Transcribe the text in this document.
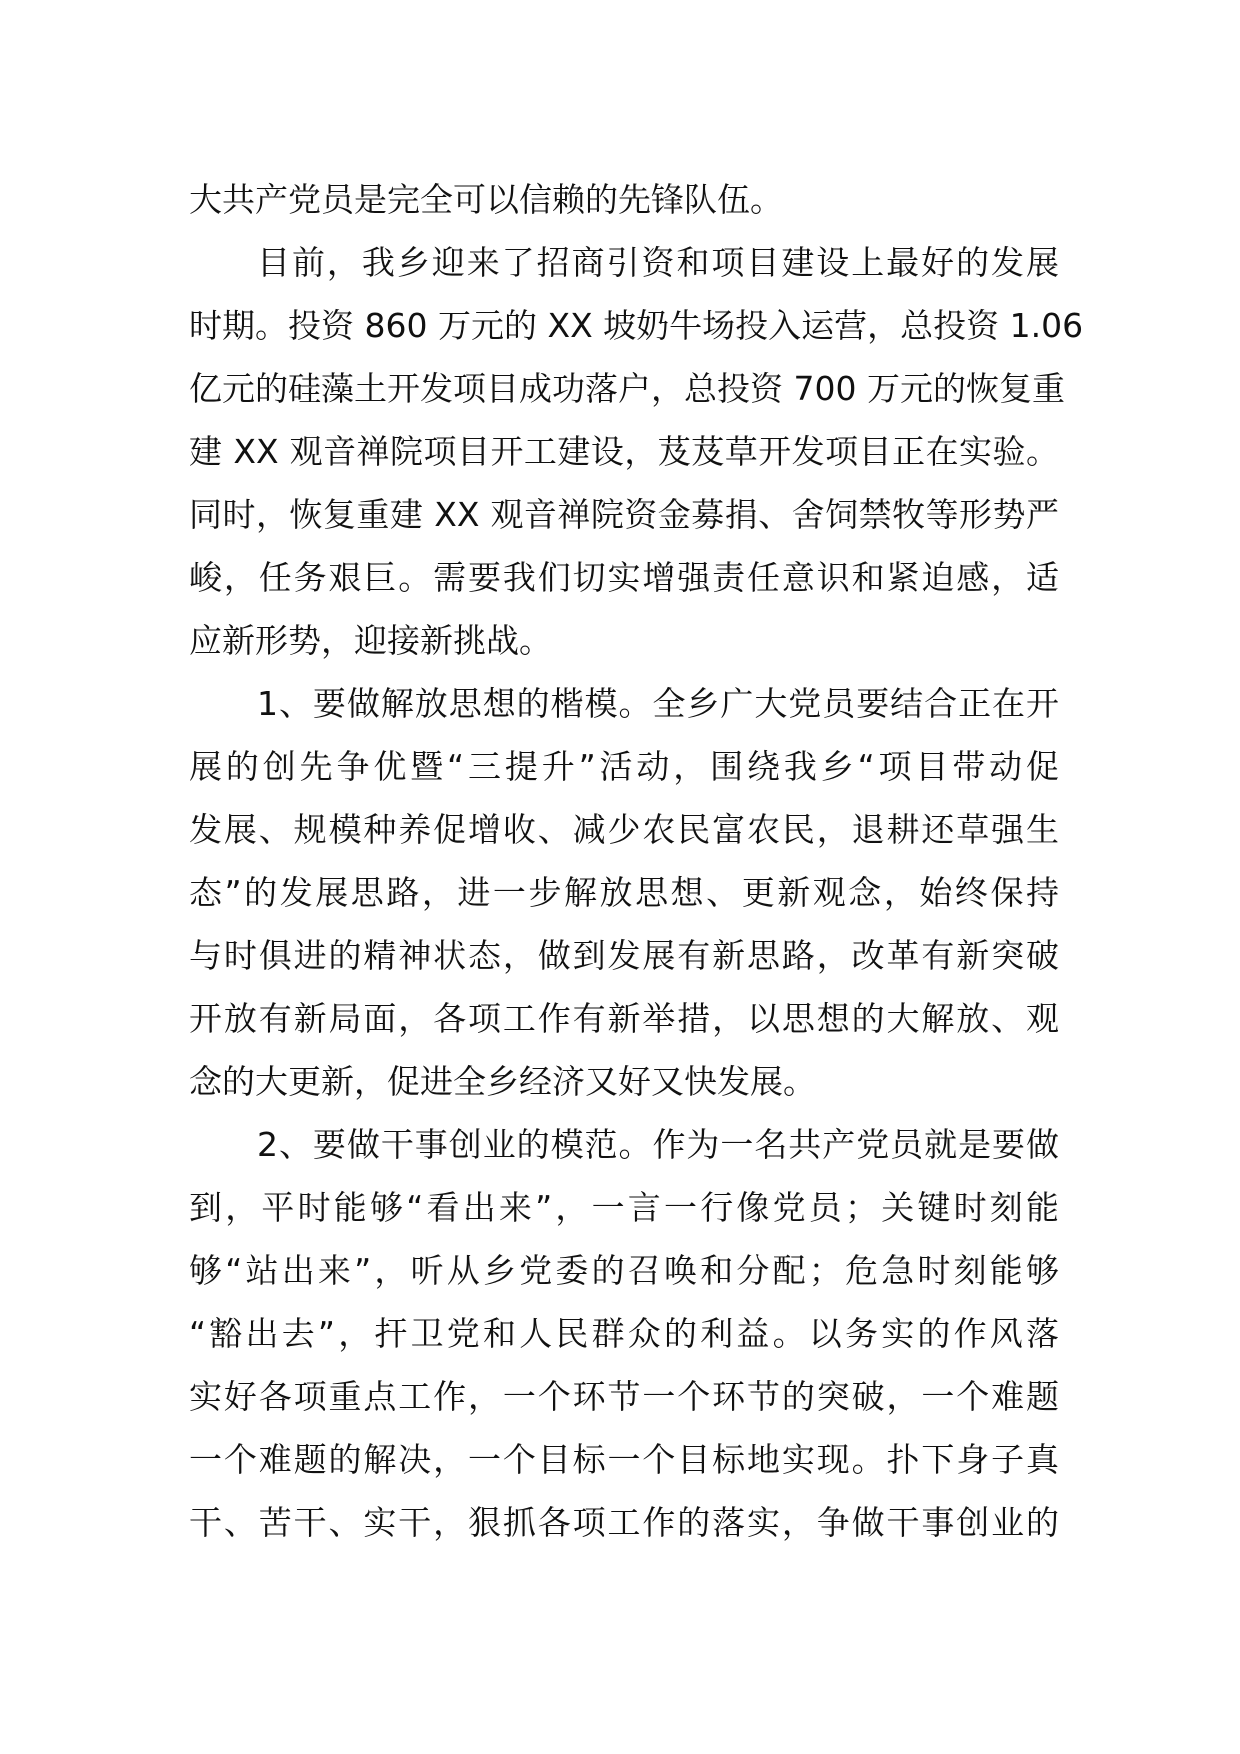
大共产党员是完全可以信赖的先锋队伍。
目前，我乡迎来了招商引资和项目建设上最好的发展
时期。投资 860 万元的 XX 坡奶牛场投入运营，总投资 1.06
亿元的硅藻土开发项目成功落户，总投资 700 万元的恢复重
建 XX 观音禅院项目开工建设，芨芨草开发项目正在实验。
同时，恢复重建 XX 观音禅院资金募捐、舍饲禁牧等形势严
峻，任务艰巨。需要我们切实增强责任意识和紧迫感，适
应新形势，迎接新挑战。
1、要做解放思想的楷模。全乡广大党员要结合正在开
展的创先争优暨“三提升”活动，围绕我乡“项目带动促
发展、规模种养促增收、减少农民富农民，退耕还草强生
态”的发展思路，进一步解放思想、更新观念，始终保持
与时俱进的精神状态，做到发展有新思路，改革有新突破
开放有新局面，各项工作有新举措，以思想的大解放、观
念的大更新，促进全乡经济又好又快发展。
2、要做干事创业的模范。作为一名共产党员就是要做
到，平时能够“看出来”，一言一行像党员；关键时刻能
够“站出来”，听从乡党委的召唤和分配；危急时刻能够
“豁出去”，扞卫党和人民群众的利益。以务实的作风落
实好各项重点工作，一个环节一个环节的突破，一个难题
一个难题的解决，一个目标一个目标地实现。扑下身子真
干、苦干、实干，狠抓各项工作的落实，争做干事创业的
